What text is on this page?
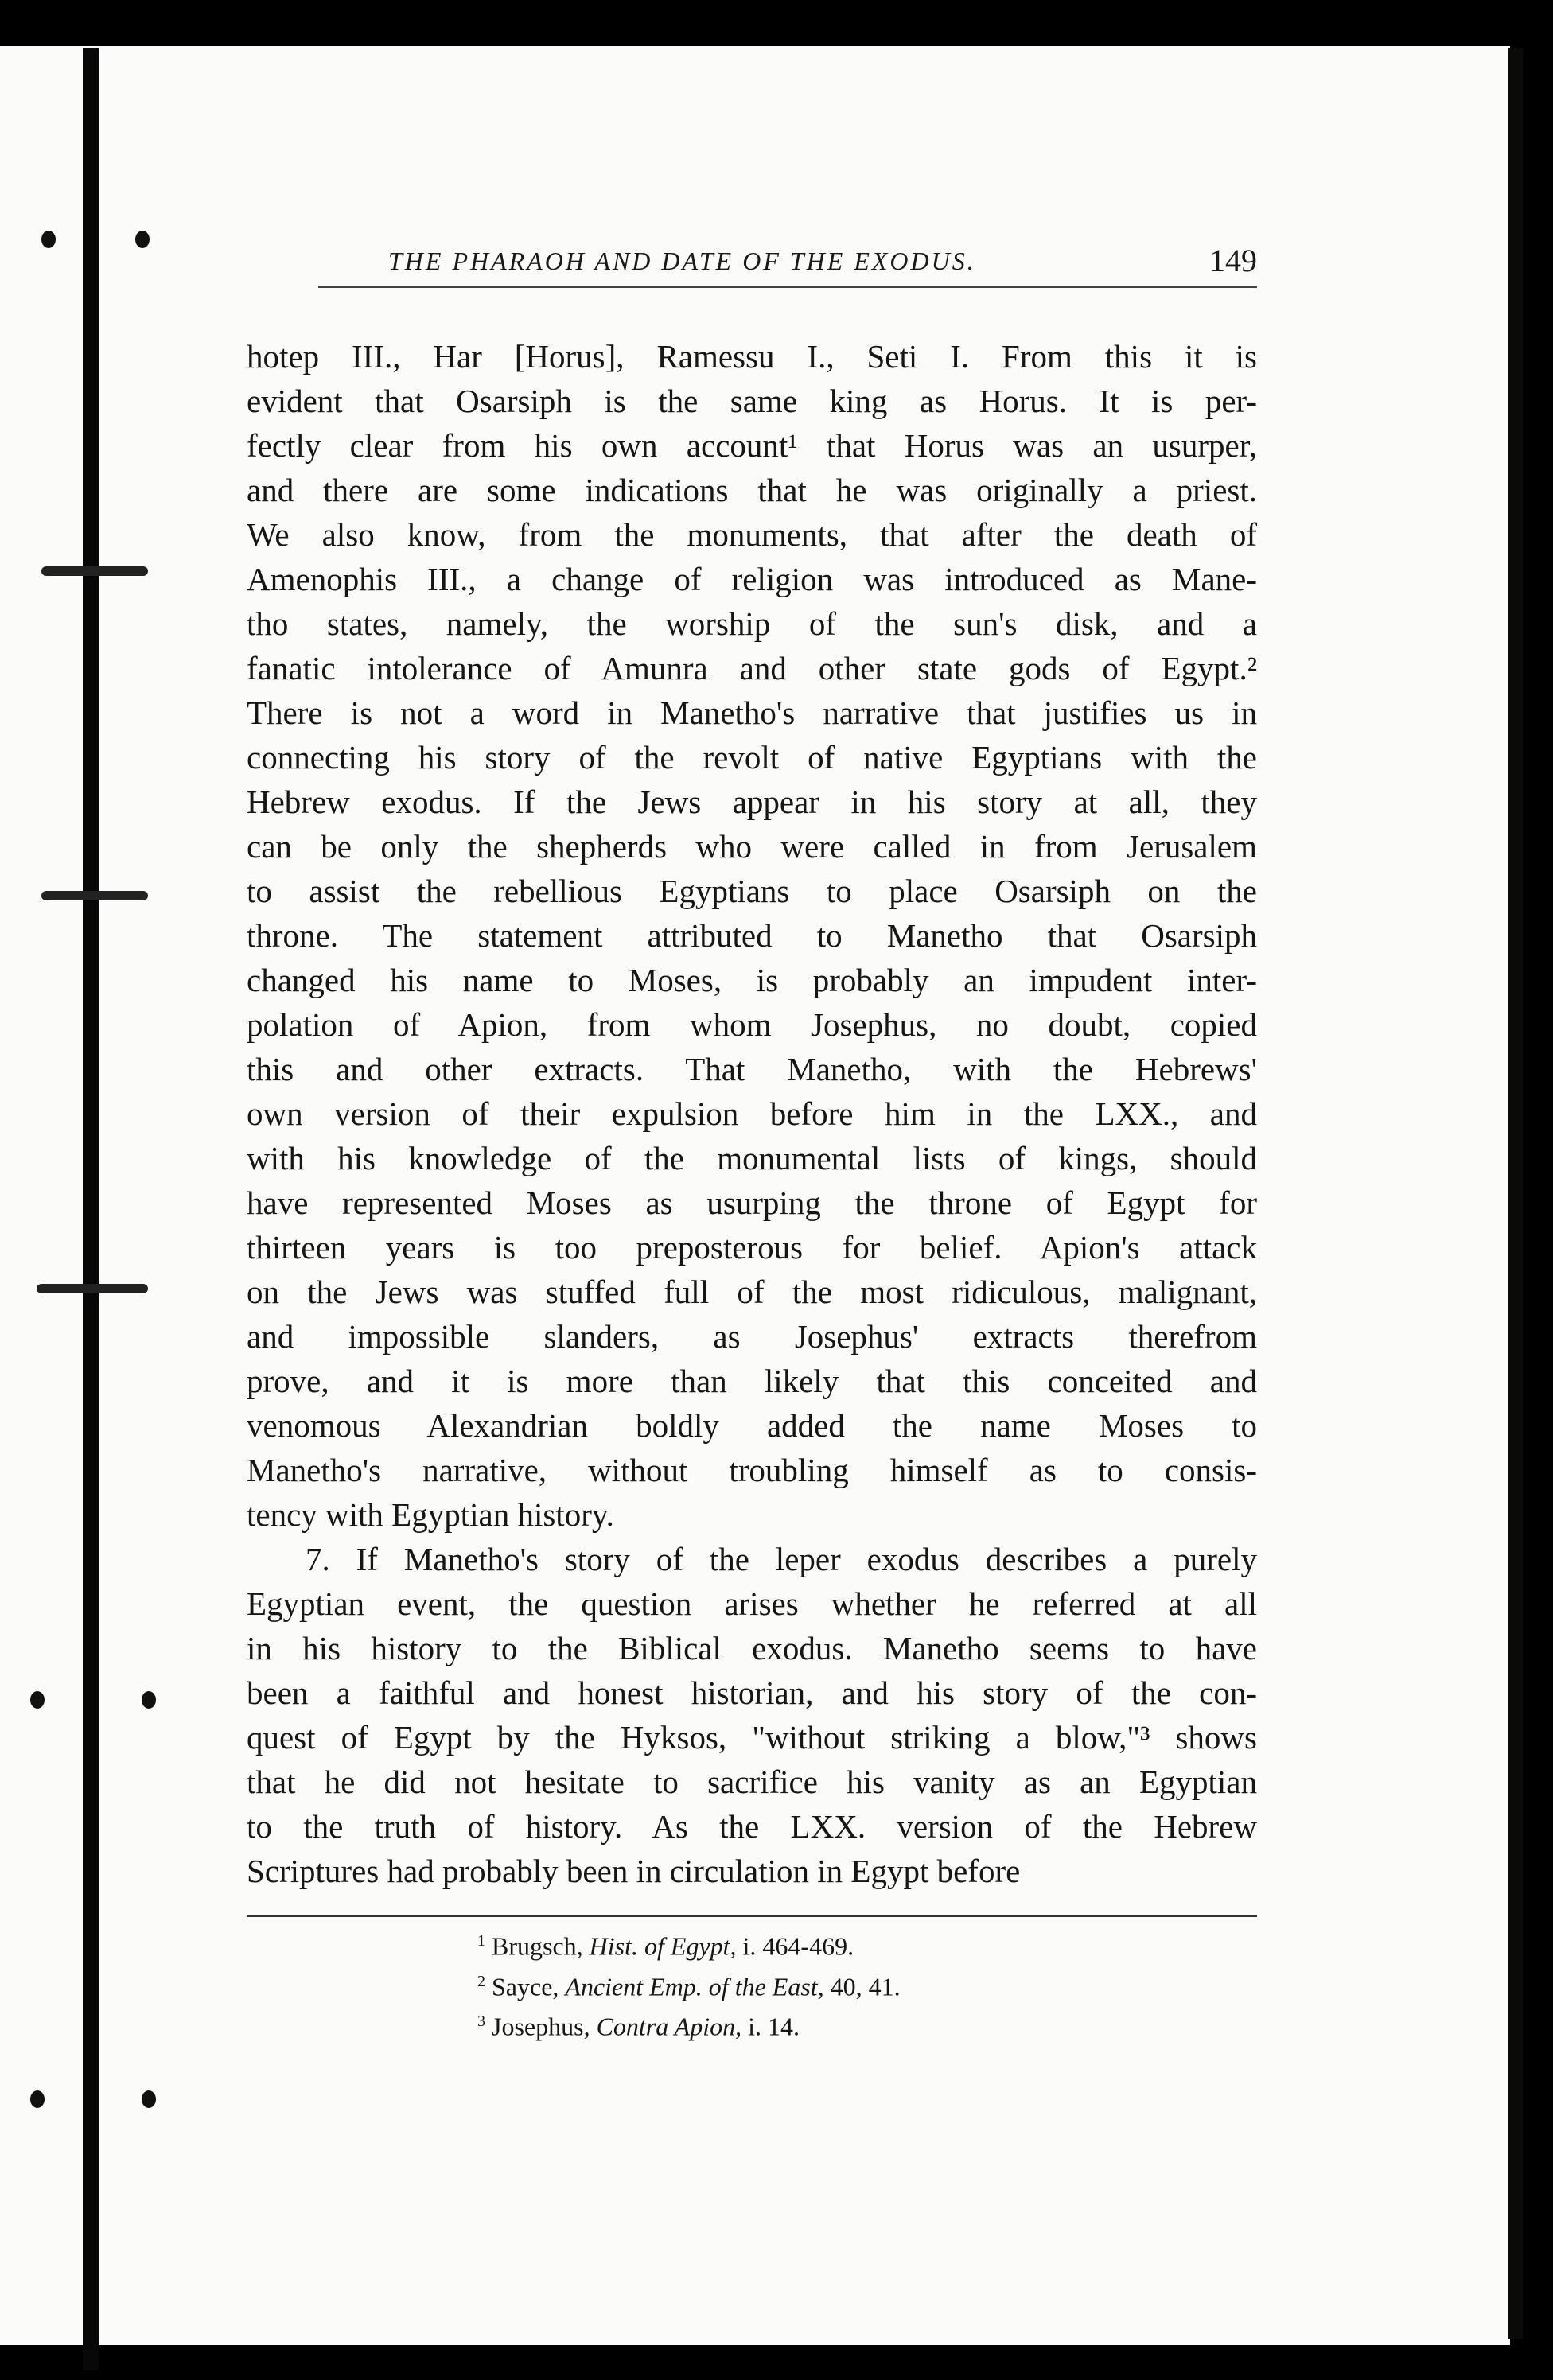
THE PHARAOH AND DATE OF THE EXODUS.	149
hotep III., Har [Horus], Ramessu I., Seti I. From this it is
evident that Osarsiph is the same king as Horus. It is per-
fectly clear from his own account¹ that Horus was an usurper,
and there are some indications that he was originally a priest.
We also know, from the monuments, that after the death of
Amenophis III., a change of religion was introduced as Mane-
tho states, namely, the worship of the sun's disk, and a
fanatic intolerance of Amunra and other state gods of Egypt.²
There is not a word in Manetho's narrative that justifies us in
connecting his story of the revolt of native Egyptians with the
Hebrew exodus. If the Jews appear in his story at all, they
can be only the shepherds who were called in from Jerusalem
to assist the rebellious Egyptians to place Osarsiph on the
throne. The statement attributed to Manetho that Osarsiph
changed his name to Moses, is probably an impudent inter-
polation of Apion, from whom Josephus, no doubt, copied
this and other extracts. That Manetho, with the Hebrews'
own version of their expulsion before him in the LXX., and
with his knowledge of the monumental lists of kings, should
have represented Moses as usurping the throne of Egypt for
thirteen years is too preposterous for belief. Apion's attack
on the Jews was stuffed full of the most ridiculous, malignant,
and impossible slanders, as Josephus' extracts therefrom
prove, and it is more than likely that this conceited and
venomous Alexandrian boldly added the name Moses to
Manetho's narrative, without troubling himself as to consis-
tency with Egyptian history.
7. If Manetho's story of the leper exodus describes a purely
Egyptian event, the question arises whether he referred at all
in his history to the Biblical exodus. Manetho seems to have
been a faithful and honest historian, and his story of the con-
quest of Egypt by the Hyksos, "without striking a blow,"³ shows
that he did not hesitate to sacrifice his vanity as an Egyptian
to the truth of history. As the LXX. version of the Hebrew
Scriptures had probably been in circulation in Egypt before
$^1$ Brugsch, Hist. of Egypt, i. 464-469.
$^2$ Sayce, Ancient Emp. of the East, 40, 41.
$^3$ Josephus, Contra Apion, i. 14.
